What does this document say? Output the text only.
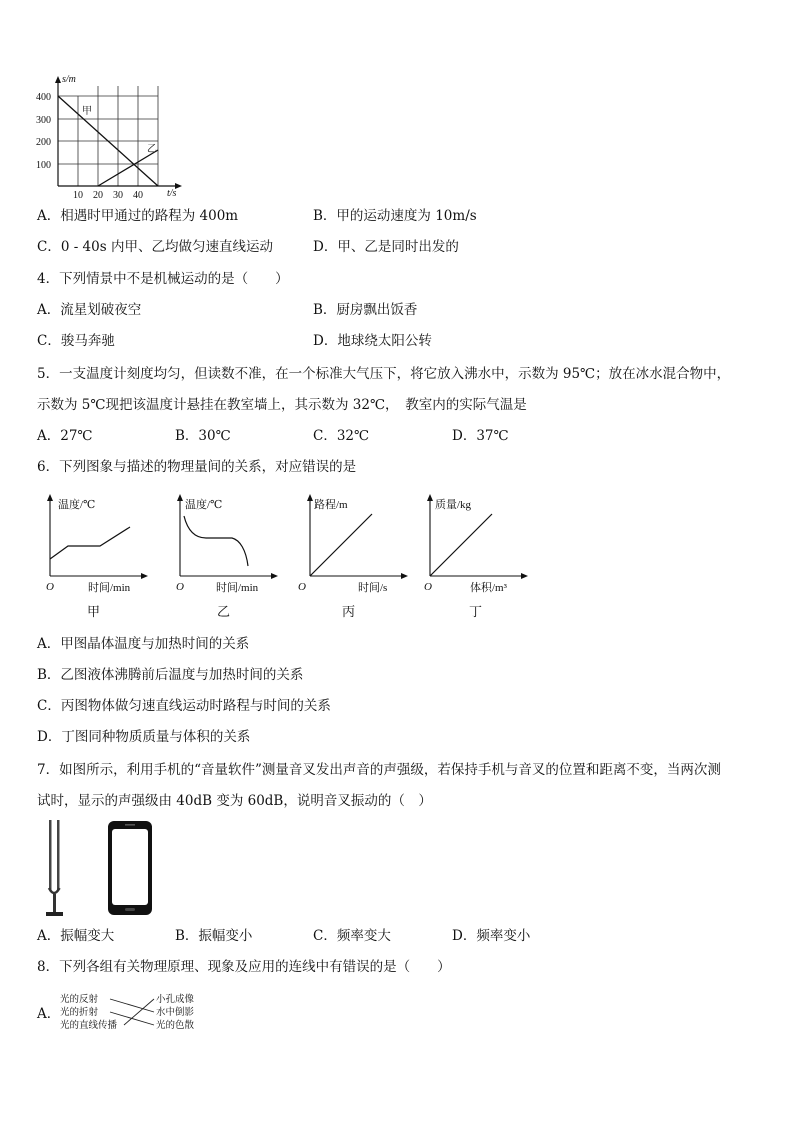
s/m
t/s
400
300
200
100
10 20 30 40
甲
乙
A．相遇时甲通过的路程为 400m	B．甲的运动速度为 10m/s
C．0 - 40s 内甲、乙均做匀速直线运动	D．甲、乙是同时出发的
4．下列情景中不是机械运动的是（　　）
A．流星划破夜空	B．厨房飘出饭香
C．骏马奔驰	D．地球绕太阳公转
5．一支温度计刻度均匀，但读数不准，在一个标准大气压下，将它放入沸水中，示数为 95℃；放在冰水混合物中，
示数为 5℃现把该温度计悬挂在教室墙上，其示数为 32℃，　教室内的实际气温是
A．27℃	B．30℃	C．32℃	D．37℃
6．下列图象与描述的物理量间的关系，对应错误的是
温度/℃
O	时间/min
甲
温度/℃
O	时间/min
乙
路程/m
O	时间/s
丙
质量/kg
O	体积/m³
丁
A．甲图晶体温度与加热时间的关系
B．乙图液体沸腾前后温度与加热时间的关系
C．丙图物体做匀速直线运动时路程与时间的关系
D．丁图同种物质质量与体积的关系
7．如图所示，利用手机的“音量软件”测量音叉发出声音的声强级，若保持手机与音叉的位置和距离不变，当两次测
试时，显示的声强级由 40dB 变为 60dB，说明音叉振动的（　）
A．振幅变大	B．振幅变小	C．频率变大	D．频率变小
8．下列各组有关物理原理、现象及应用的连线中有错误的是（　　）
A．
光的反射
光的折射
光的直线传播
小孔成像
水中倒影
光的色散
